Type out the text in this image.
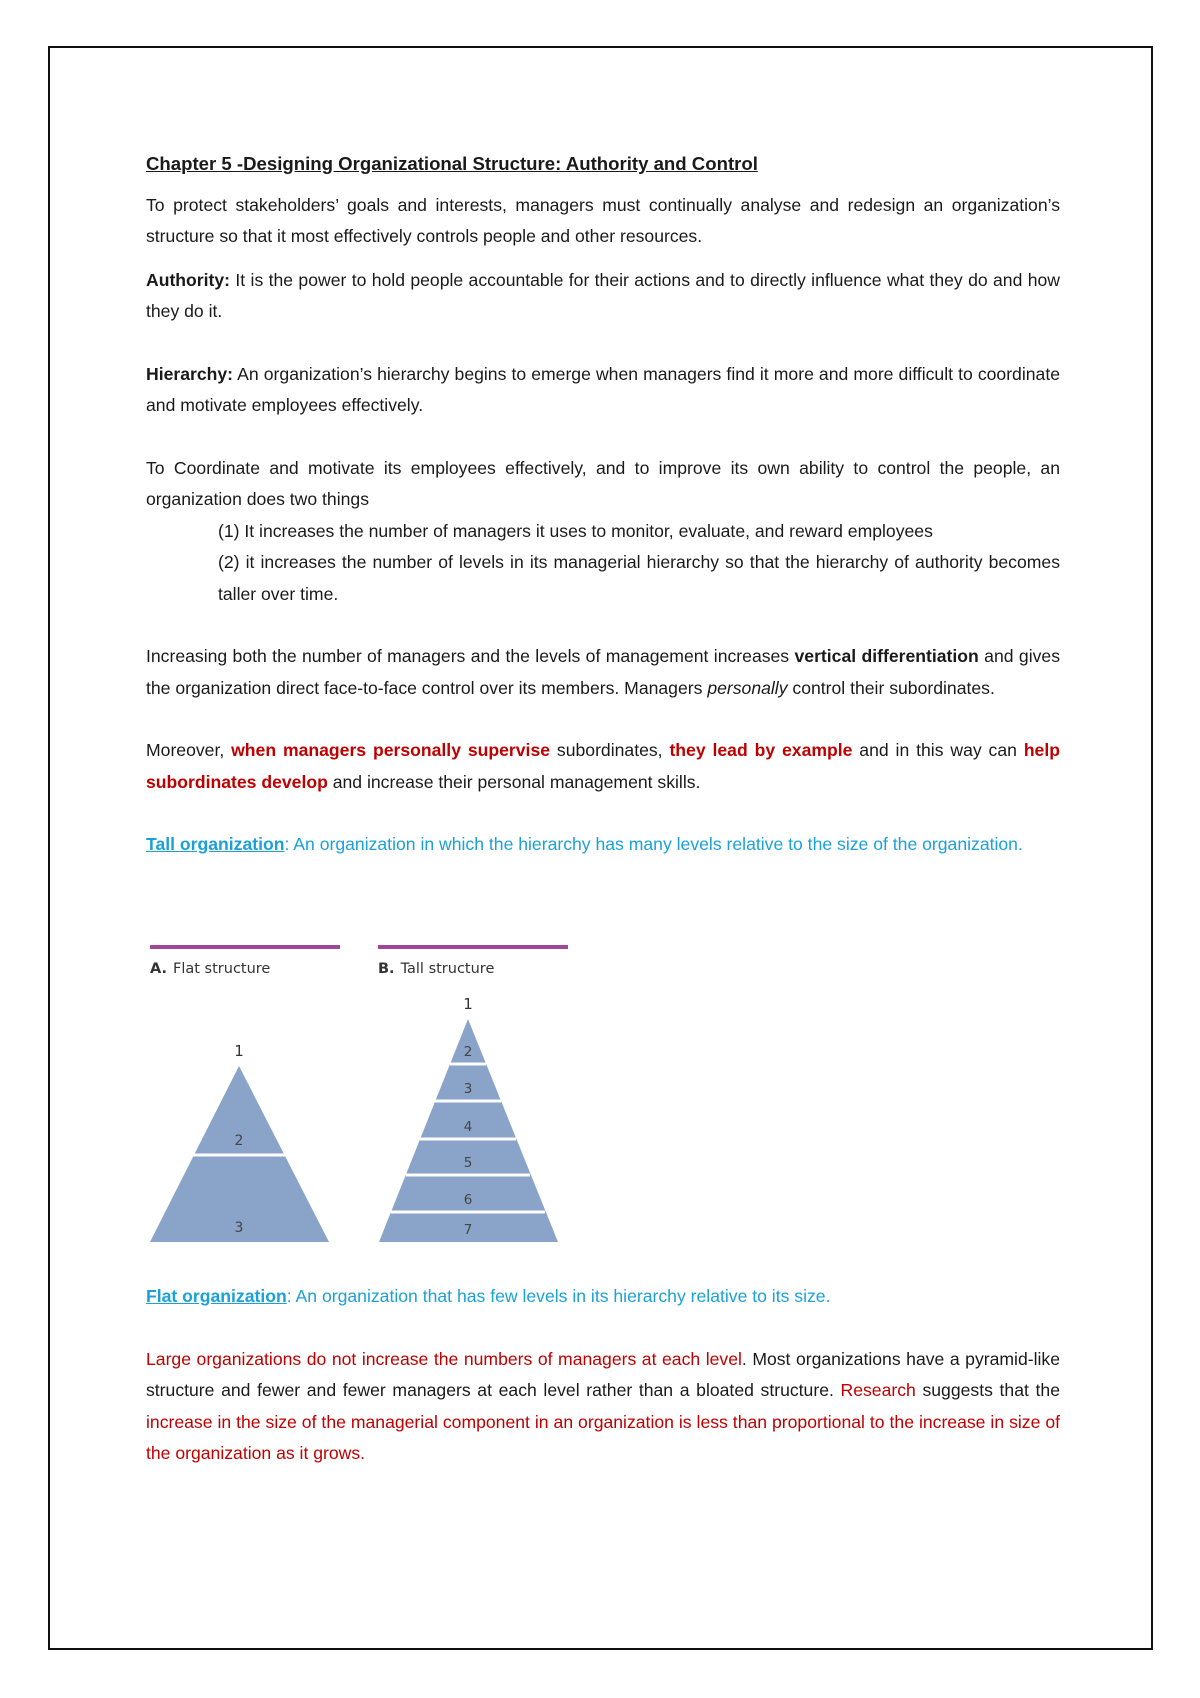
Chapter 5 -Designing Organizational Structure: Authority and Control

To protect stakeholders’ goals and interests, managers must continually analyse and redesign an organization’s structure so that it most effectively controls people and other resources.

Authority: It is the power to hold people accountable for their actions and to directly influence what they do and how they do it.

Hierarchy: An organization’s hierarchy begins to emerge when managers find it more and more difficult to coordinate and motivate employees effectively.

To Coordinate and motivate its employees effectively, and to improve its own ability to control the people, an organization does two things

(1) It increases the number of managers it uses to monitor, evaluate, and reward employees

(2) it increases the number of levels in its managerial hierarchy so that the hierarchy of authority becomes taller over time.

Increasing both the number of managers and the levels of management increases vertical differentiation and gives the organization direct face-to-face control over its members. Managers personally control their subordinates.

Moreover, when managers personally supervise subordinates, they lead by example and in this way can help subordinates develop and increase their personal management skills.

Tall organization: An organization in which the hierarchy has many levels relative to the size of the organization.

A. Flat structure	B. Tall structure
1
2
3
1
2
3
4
5
6
7

Flat organization: An organization that has few levels in its hierarchy relative to its size.

Large organizations do not increase the numbers of managers at each level. Most organizations have a pyramid-like structure and fewer and fewer managers at each level rather than a bloated structure. Research suggests that the increase in the size of the managerial component in an organization is less than proportional to the increase in size of the organization as it grows.
